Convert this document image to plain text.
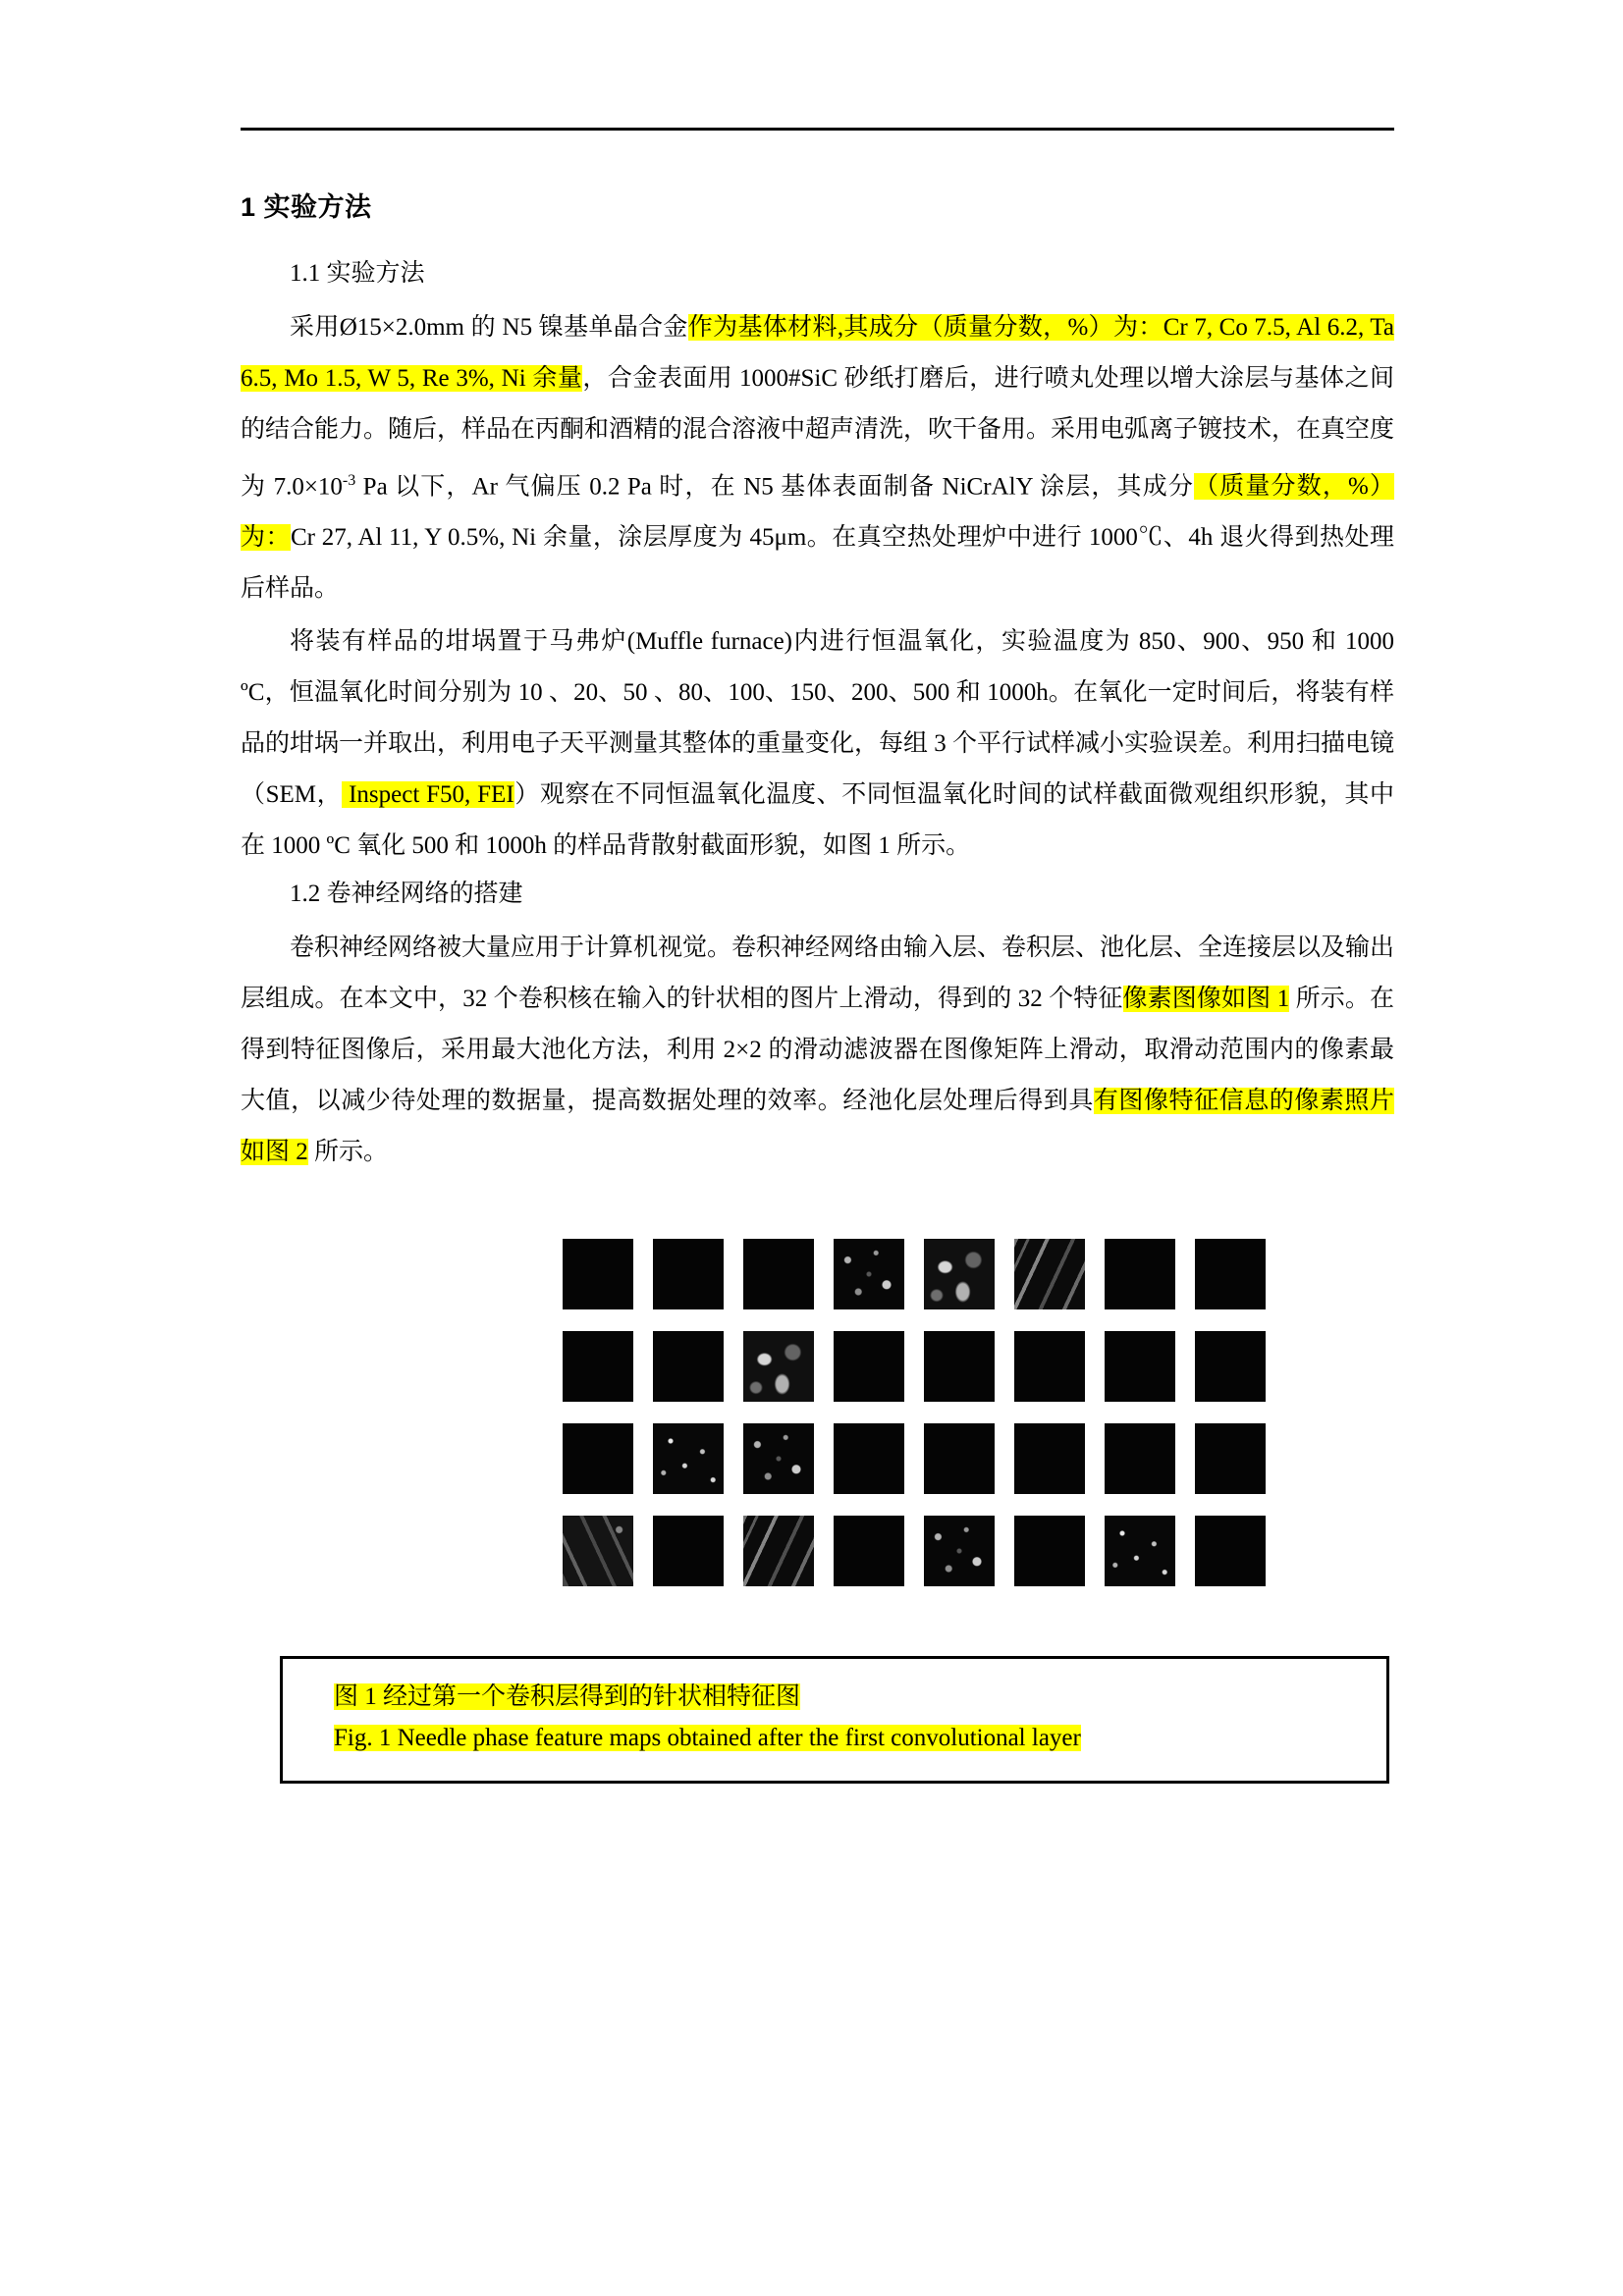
1 实验方法
1.1 实验方法

采用Ø15×2.0mm 的 N5 镍基单晶合金作为基体材料,其成分（质量分数，%）为：Cr 7, Co 7.5, Al 6.2, Ta 6.5, Mo 1.5, W 5, Re 3%, Ni 余量，合金表面用 1000#SiC 砂纸打磨后，进行喷丸处理以增大涂层与基体之间的结合能力。随后，样品在丙酮和酒精的混合溶液中超声清洗，吹干备用。采用电弧离子镀技术，在真空度为 $7.0\times 10^{-3}$ Pa 以下，Ar 气偏压 0.2 Pa 时，在 N5 基体表面制备 NiCrAlY 涂层，其成分（质量分数，%）为：Cr 27, Al 11, Y 0.5%, Ni 余量，涂层厚度为 45μm。在真空热处理炉中进行 1000℃、4h 退火得到热处理后样品。

将装有样品的坩埚置于马弗炉(Muffle furnace)内进行恒温氧化，实验温度为 850、900、950 和 1000 ºC，恒温氧化时间分别为 10 、20、50 、80、100、150、200、500 和 1000h。在氧化一定时间后，将装有样品的坩埚一并取出，利用电子天平测量其整体的重量变化，每组 3 个平行试样减小实验误差。利用扫描电镜（SEM， Inspect F50, FEI）观察在不同恒温氧化温度、不同恒温氧化时间的试样截面微观组织形貌，其中在 1000 ºC 氧化 500 和 1000h 的样品背散射截面形貌，如图 1 所示。

1.2 卷神经网络的搭建

卷积神经网络被大量应用于计算机视觉。卷积神经网络由输入层、卷积层、池化层、全连接层以及输出层组成。在本文中，32 个卷积核在输入的针状相的图片上滑动，得到的 32 个特征像素图像如图 1 所示。在得到特征图像后，采用最大池化方法，利用 2×2 的滑动滤波器在图像矩阵上滑动，取滑动范围内的像素最大值，以减少待处理的数据量，提高数据处理的效率。经池化层处理后得到具有图像特征信息的像素照片如图 2 所示。

图 1 经过第一个卷积层得到的针状相特征图
Fig. 1 Needle phase feature maps obtained after the first convolutional layer
